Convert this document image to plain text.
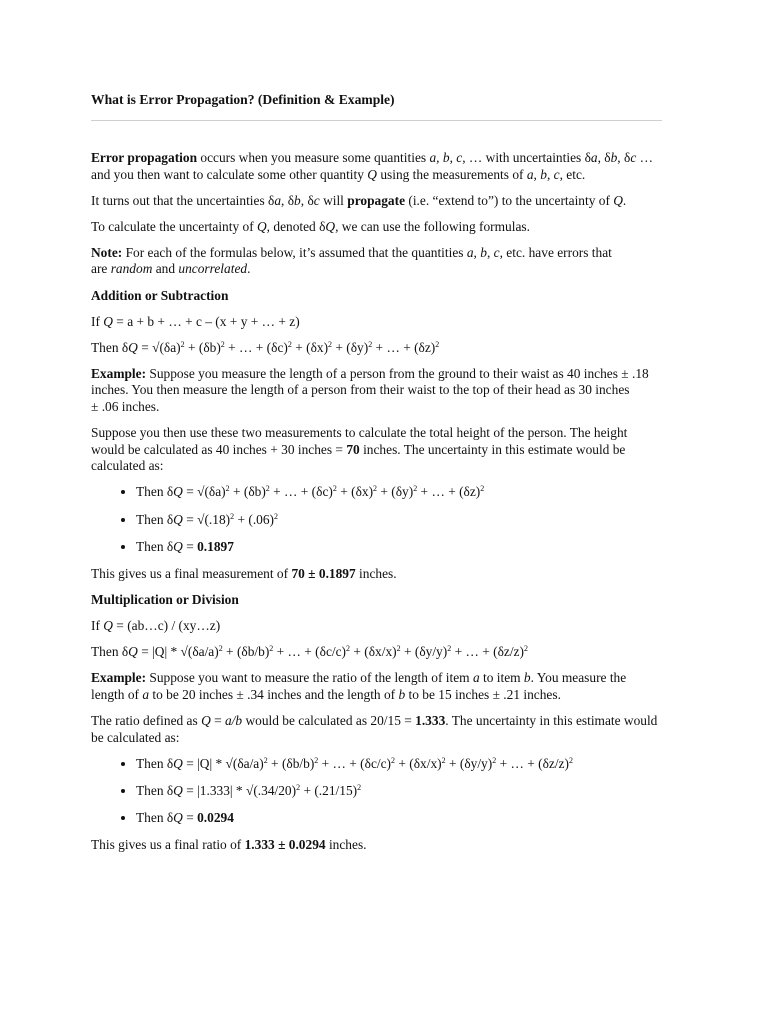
What is Error Propagation? (Definition & Example)

Error propagation occurs when you measure some quantities a, b, c, … with uncertainties δa, δb, δc …
and you then want to calculate some other quantity Q using the measurements of a, b, c, etc.

It turns out that the uncertainties δa, δb, δc will propagate (i.e. “extend to”) to the uncertainty of Q.

To calculate the uncertainty of Q, denoted δQ, we can use the following formulas.

Note: For each of the formulas below, it’s assumed that the quantities a, b, c, etc. have errors that
are random and uncorrelated.

Addition or Subtraction

If Q = a + b + … + c – (x + y + … + z)

Then $\delta Q = √(\delta a)^2 + (\delta b)^2$ + … + $(\delta c)^2 + (\delta x)^2 + (\delta y)^2$ + … + $(\delta z)^2$

Example: Suppose you measure the length of a person from the ground to their waist as 40 inches ± .18
inches. You then measure the length of a person from their waist to the top of their head as 30 inches
± .06 inches.

Suppose you then use these two measurements to calculate the total height of the person. The height
would be calculated as 40 inches + 30 inches = 70 inches. The uncertainty in this estimate would be
calculated as:

• Then $\delta Q = √(\delta a)^2 + (\delta b)^2$ + … + $(\delta c)^2 + (\delta x)^2 + (\delta y)^2$ + … + $(\delta z)^2$
• Then $\delta Q = √(.18)^2 + (.06)^2$
• Then δQ = 0.1897

This gives us a final measurement of 70 ± 0.1897 inches.

Multiplication or Division

If Q = (ab…c) / (xy…z)

Then $\delta Q = |Q| * √(\delta a/a)^2 + (\delta b/b)^2$ + … + $(\delta c/c)^2 + (\delta x/x)^2 + (\delta y/y)^2$ + … + $(\delta z/z)^2$

Example: Suppose you want to measure the ratio of the length of item a to item b. You measure the
length of a to be 20 inches ± .34 inches and the length of b to be 15 inches ± .21 inches.

The ratio defined as Q = a/b would be calculated as 20/15 = 1.333. The uncertainty in this estimate would
be calculated as:

• Then $\delta Q = |Q| * √(\delta a/a)^2 + (\delta b/b)^2$ + … + $(\delta c/c)^2 + (\delta x/x)^2 + (\delta y/y)^2$ + … + $(\delta z/z)^2$
• Then $\delta Q = |1.333| * √(.34/20)^2 + (.21/15)^2$
• Then δQ = 0.0294

This gives us a final ratio of 1.333 ± 0.0294 inches.
